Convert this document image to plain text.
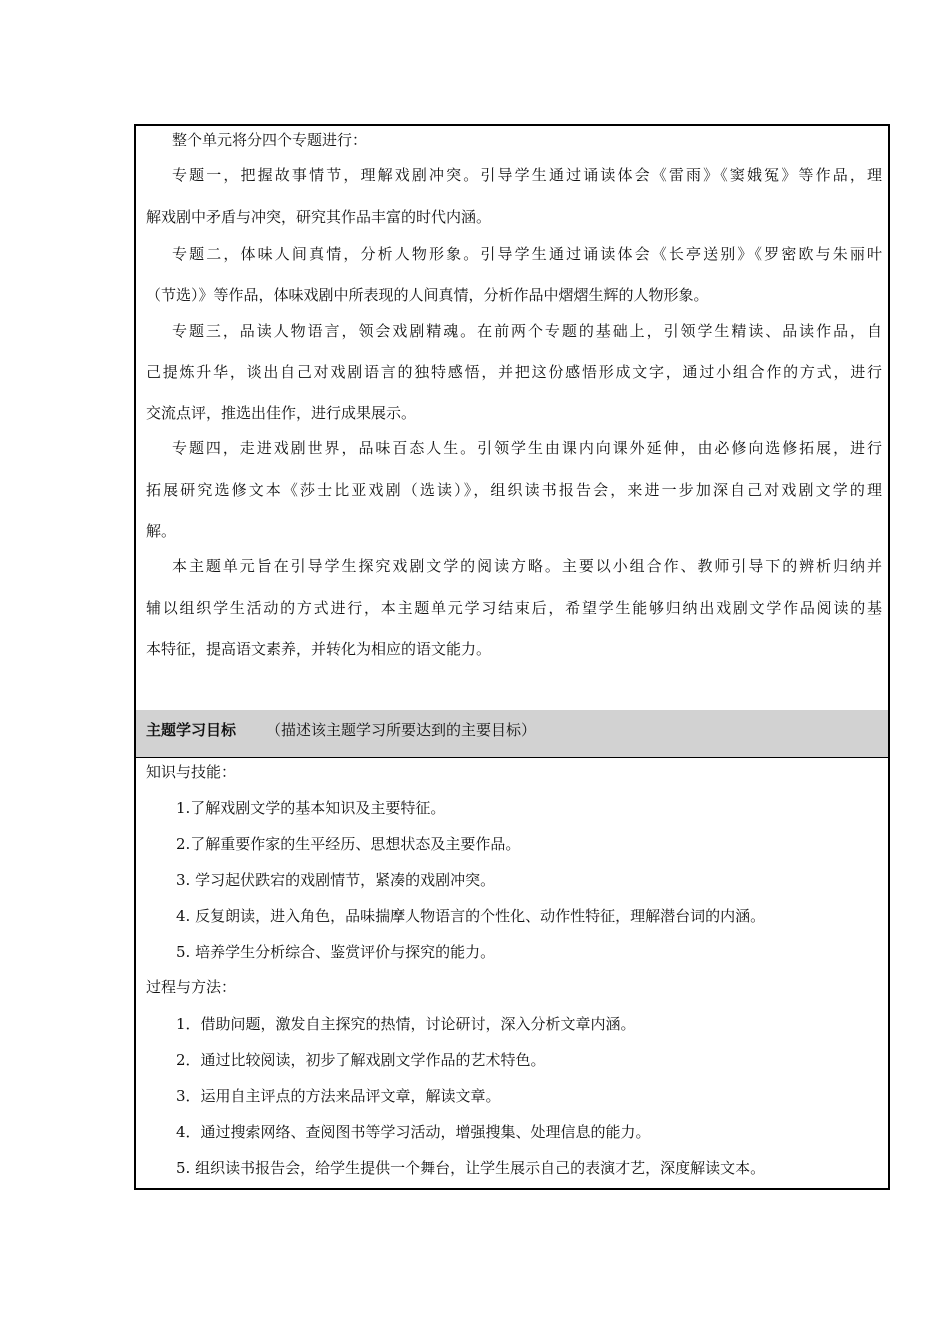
整个单元将分四个专题进行：
专题一，把握故事情节，理解戏剧冲突。引导学生通过诵读体会《雷雨》《窦娥冤》等作品，理
解戏剧中矛盾与冲突，研究其作品丰富的时代内涵。
专题二，体味人间真情，分析人物形象。引导学生通过诵读体会《长亭送别》《罗密欧与朱丽叶
（节选）》等作品，体味戏剧中所表现的人间真情，分析作品中熠熠生辉的人物形象。
专题三，品读人物语言，领会戏剧精魂。在前两个专题的基础上，引领学生精读、品读作品，自
己提炼升华，谈出自己对戏剧语言的独特感悟，并把这份感悟形成文字，通过小组合作的方式，进行
交流点评，推选出佳作，进行成果展示。
专题四，走进戏剧世界，品味百态人生。引领学生由课内向课外延伸，由必修向选修拓展，进行
拓展研究选修文本《莎士比亚戏剧（选读）》，组织读书报告会，来进一步加深自己对戏剧文学的理
解。
本主题单元旨在引导学生探究戏剧文学的阅读方略。主要以小组合作、教师引导下的辨析归纳并
辅以组织学生活动的方式进行，本主题单元学习结束后，希望学生能够归纳出戏剧文学作品阅读的基
本特征，提高语文素养，并转化为相应的语文能力。
主题学习目标 （描述该主题学习所要达到的主要目标）
知识与技能：
1.了解戏剧文学的基本知识及主要特征。
2.了解重要作家的生平经历、思想状态及主要作品。
3. 学习起伏跌宕的戏剧情节，紧凑的戏剧冲突。
4. 反复朗读，进入角色，品味揣摩人物语言的个性化、动作性特征，理解潜台词的内涵。
5. 培养学生分析综合、鉴赏评价与探究的能力。
过程与方法：
1．借助问题，激发自主探究的热情，讨论研讨，深入分析文章内涵。
2．通过比较阅读，初步了解戏剧文学作品的艺术特色。
3．运用自主评点的方法来品评文章，解读文章。
4．通过搜索网络、查阅图书等学习活动，增强搜集、处理信息的能力。
5. 组织读书报告会，给学生提供一个舞台，让学生展示自己的表演才艺，深度解读文本。
